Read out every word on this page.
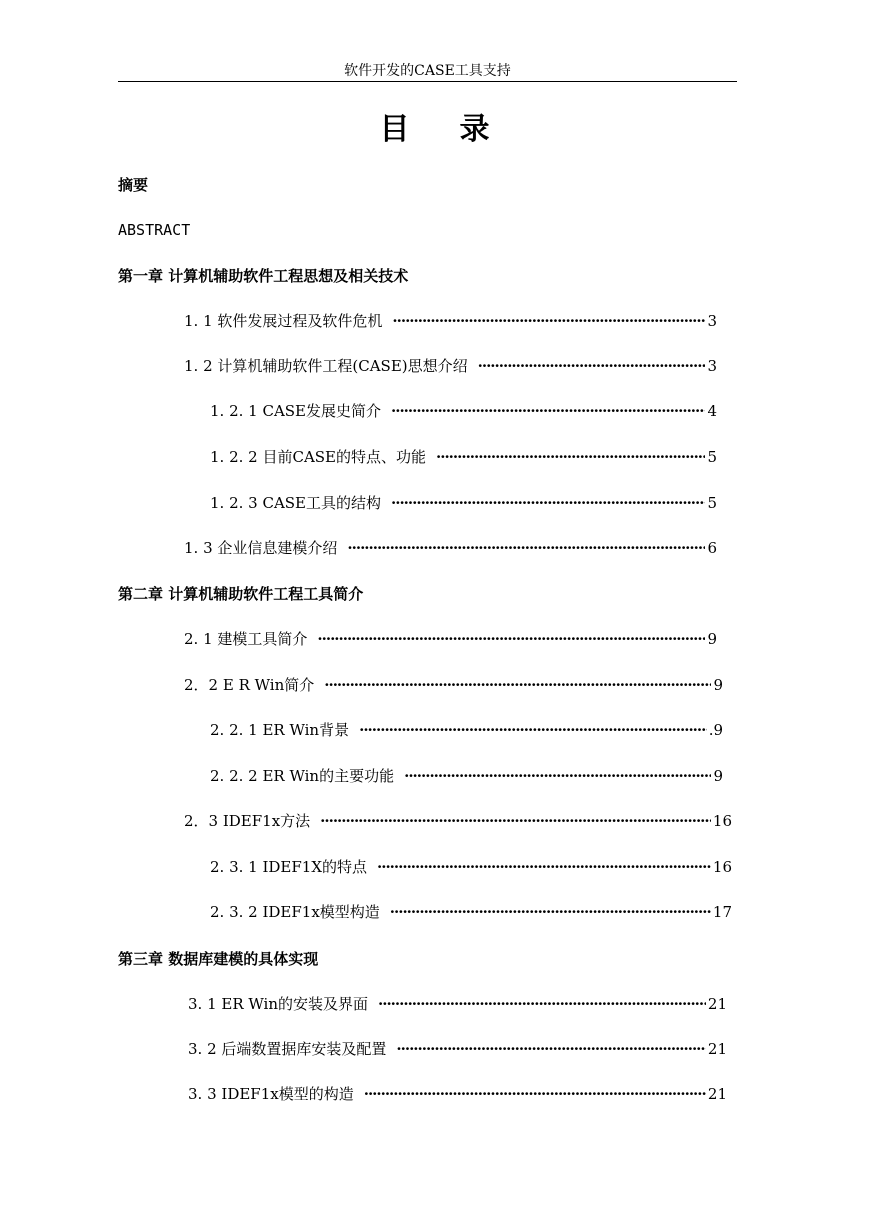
软件开发的CASE工具支持
目 录
摘要
ABSTRACT
第一章 计算机辅助软件工程思想及相关技术
1. 1 软件发展过程及软件危机 ·····	3
1. 2 计算机辅助软件工程(CASE)思想介绍 ·····	3
1. 2. 1 CASE发展史简介 ·····	4
1. 2. 2 目前CASE的特点、功能 ·····	5
1. 2. 3 CASE工具的结构 ·····	5
1. 3 企业信息建模介绍 ·····	6
第二章 计算机辅助软件工程工具简介
2. 1 建模工具简介 ·····	9
2．2 E R Win简介 ·····	9
2. 2. 1 ER Win背景 ·····	.9
2. 2. 2 ER Win的主要功能 ·····	9
2．3 IDEF1x方法 ·····	16
2. 3. 1 IDEF1X的特点 ·····	16
2. 3. 2 IDEF1x模型构造 ·····	17
第三章 数据库建模的具体实现
3. 1 ER Win的安装及界面 ·····	21
3. 2 后端数置据库安装及配置 ·····	21
3. 3 IDEF1x模型的构造 ·····	21
